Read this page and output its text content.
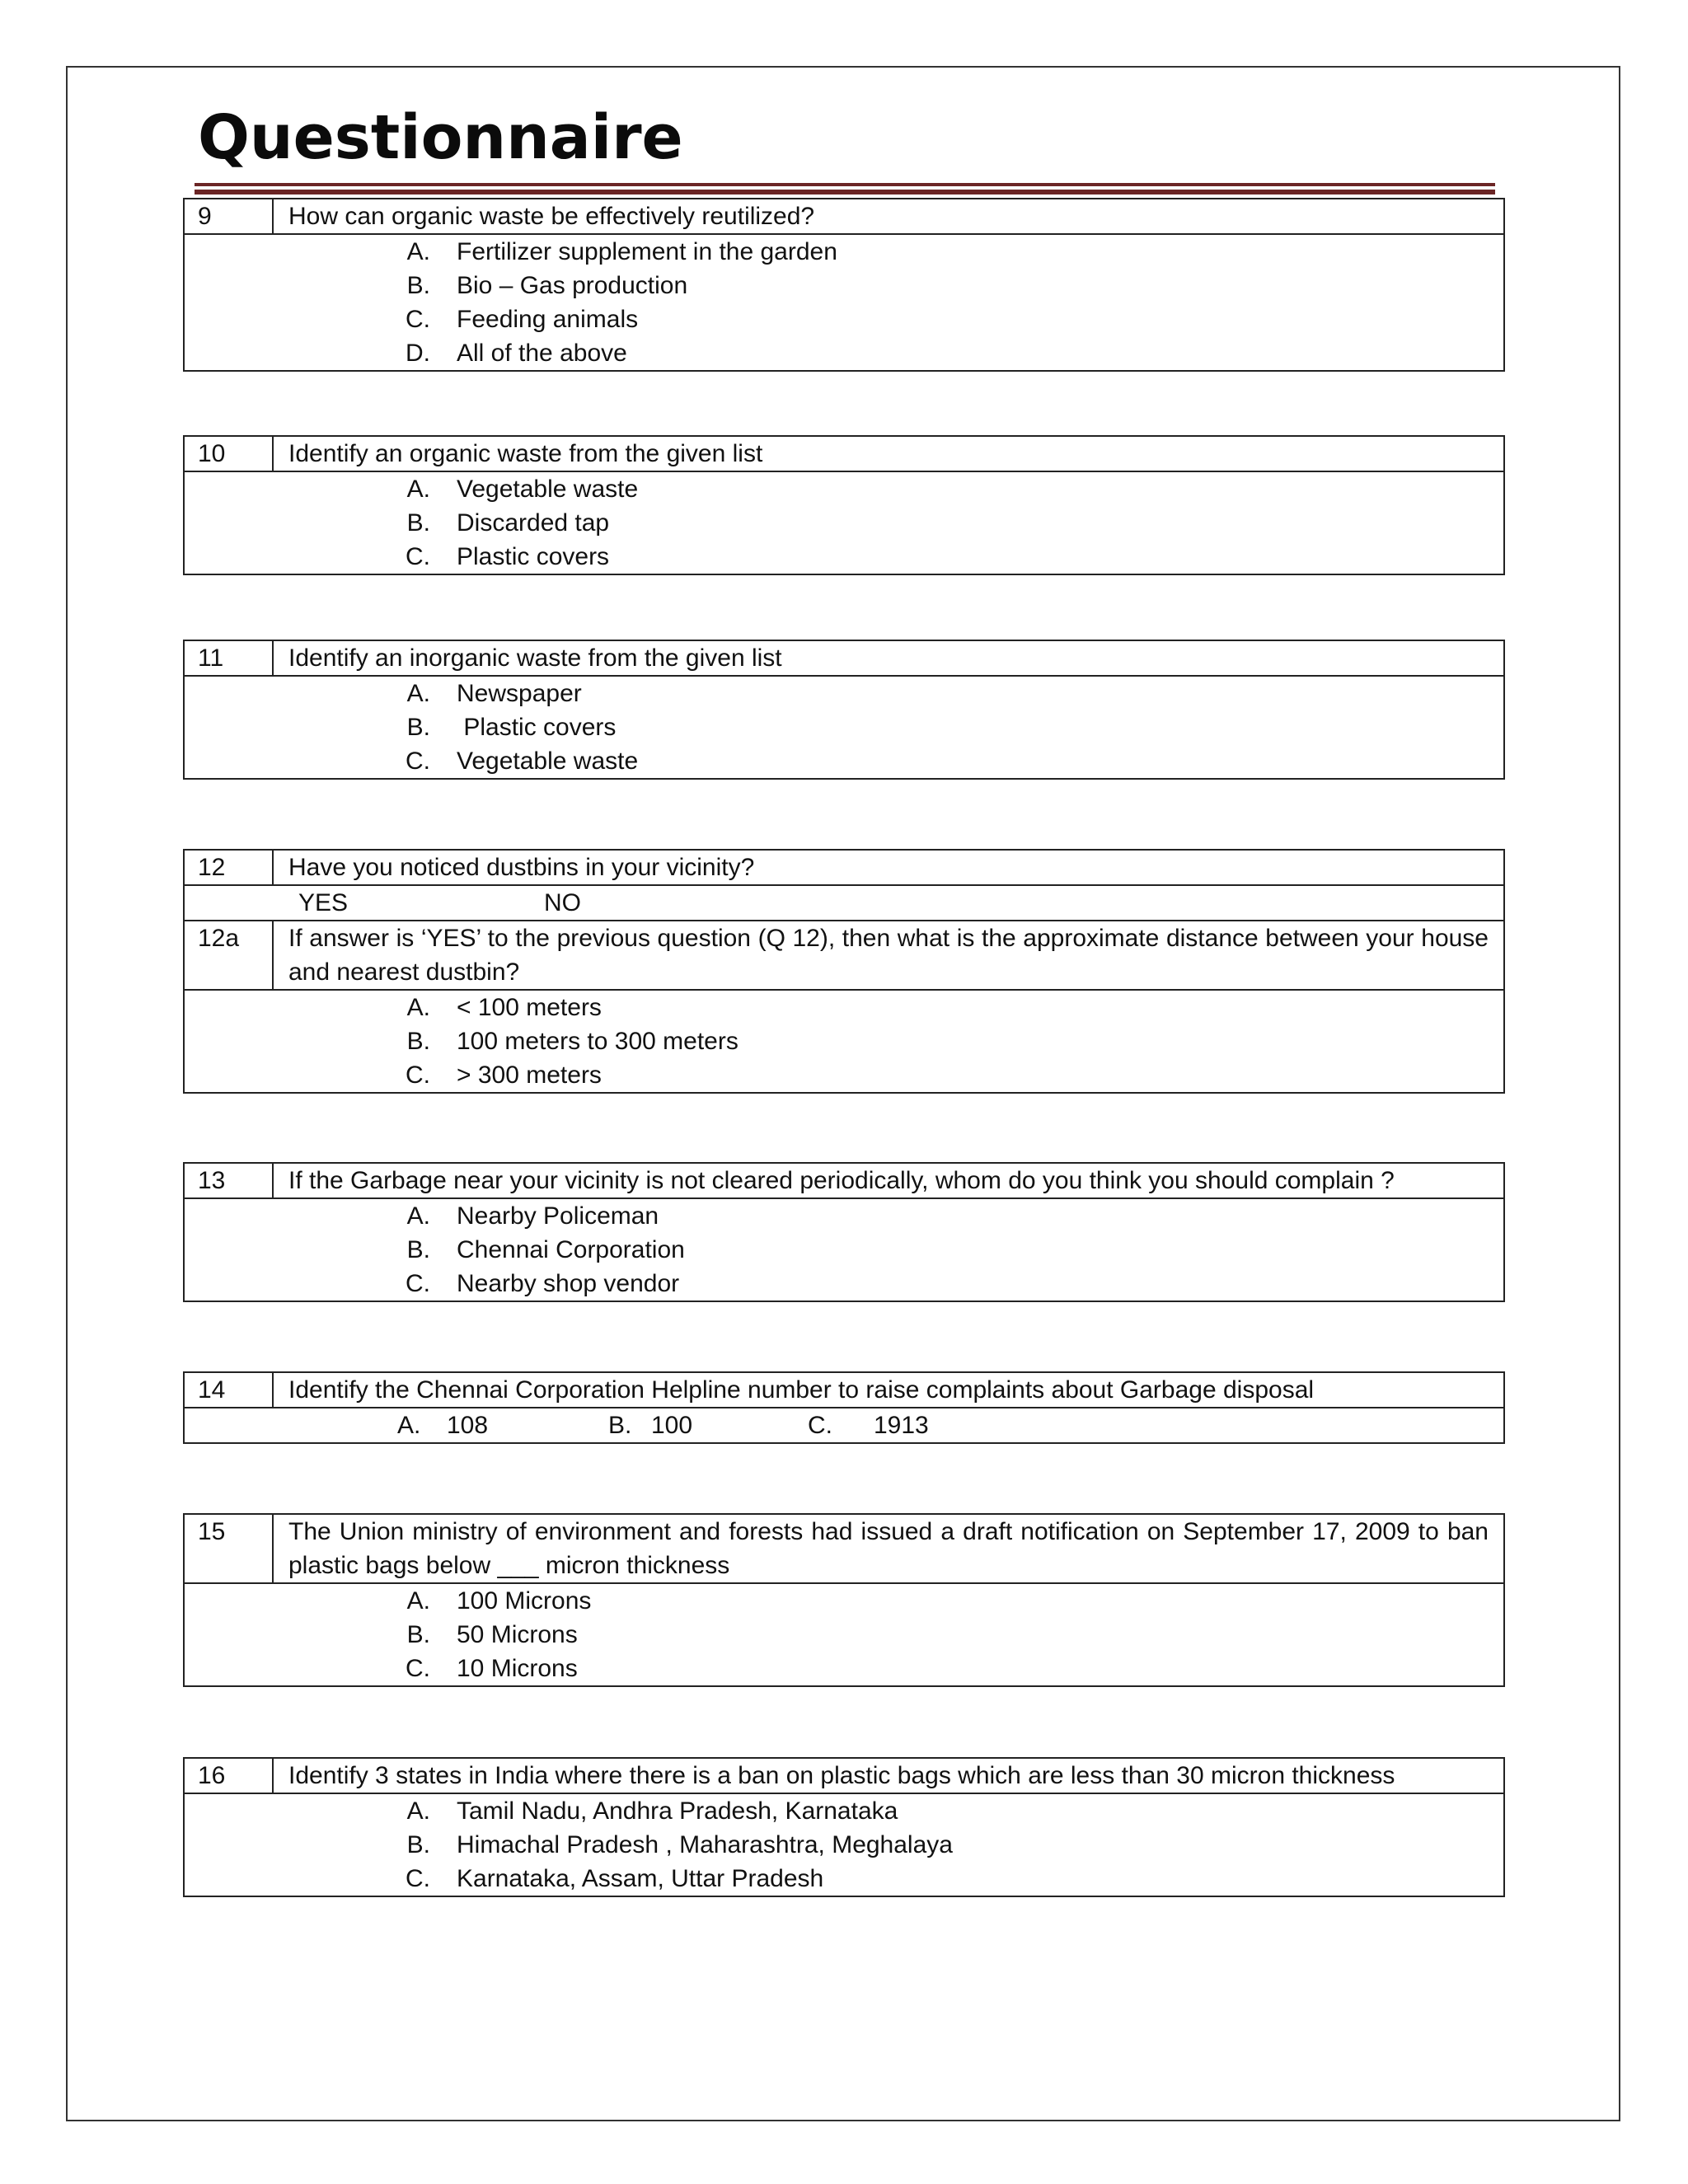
Questionnaire
9	How can organic waste be effectively reutilized?
A.	Fertilizer supplement in the garden
B.	Bio – Gas production
C.	Feeding animals
D.	All of the above
10	Identify an organic waste from the given list
A.	Vegetable waste
B.	Discarded tap
C.	Plastic covers
11	Identify an inorganic waste from the given list
A.	Newspaper
B.	Plastic covers
C.	Vegetable waste
12	Have you noticed dustbins in your vicinity?
YES	NO
12a	If answer is ‘YES’ to the previous question (Q 12), then what is the approximate distance between your house and nearest dustbin?
A.	< 100 meters
B.	100 meters to 300 meters
C.	> 300 meters
13	If the Garbage near your vicinity is not cleared periodically, whom do you think you should complain ?
A.	Nearby Policeman
B.	Chennai Corporation
C.	Nearby shop vendor
14	Identify the Chennai Corporation Helpline number to raise complaints about Garbage disposal
A. 108	B. 100	C. 1913
15	The Union ministry of environment and forests had issued a draft notification on September 17, 2009 to ban plastic bags below ___ micron thickness
A.	100 Microns
B.	50 Microns
C.	10 Microns
16	Identify 3 states in India where there is a ban on plastic bags which are less than 30 micron thickness
A.	Tamil Nadu, Andhra Pradesh, Karnataka
B.	Himachal Pradesh , Maharashtra, Meghalaya
C.	Karnataka, Assam, Uttar Pradesh
